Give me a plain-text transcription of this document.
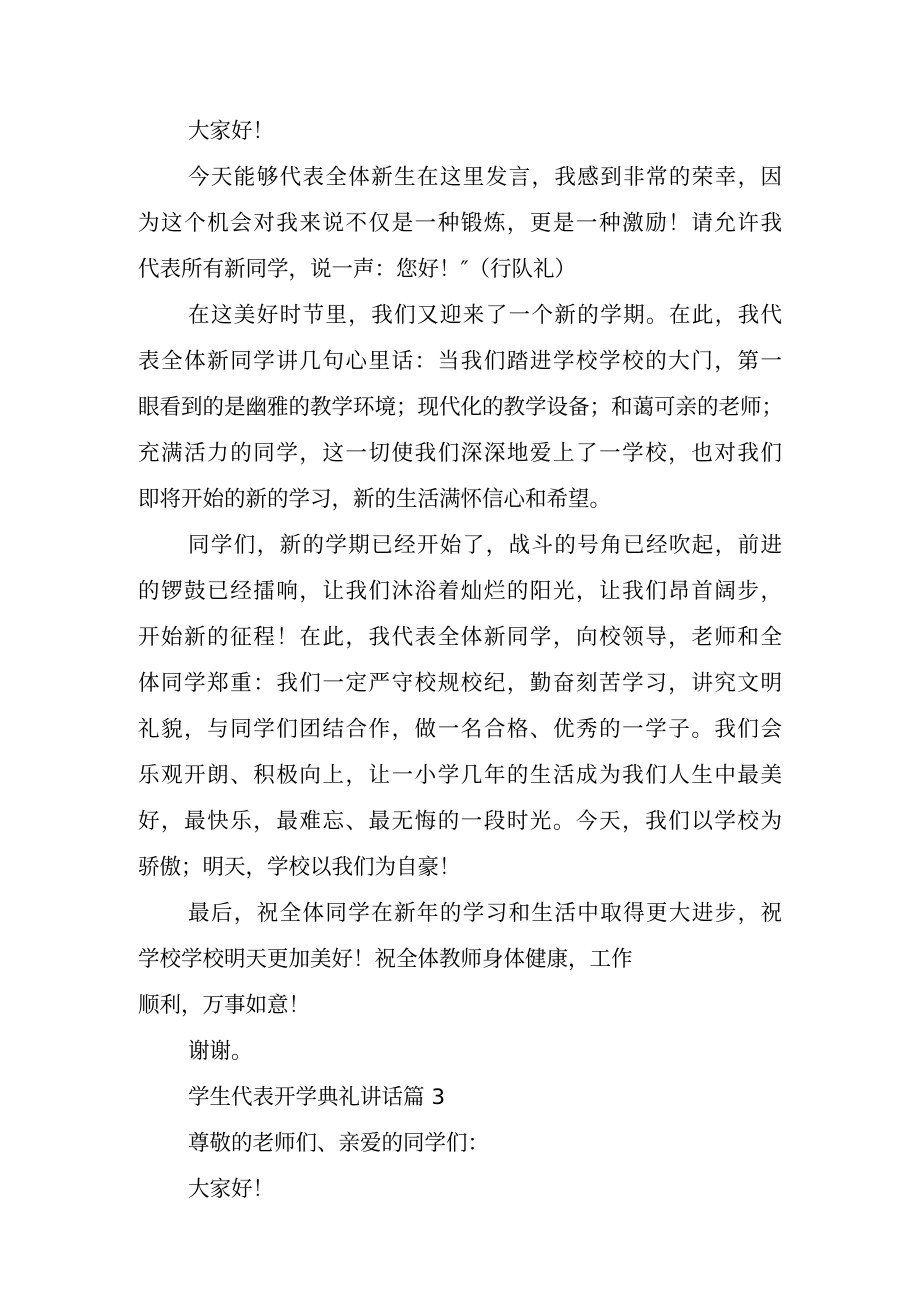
大家好！
今天能够代表全体新生在这里发言，我感到非常的荣幸，因
为这个机会对我来说不仅是一种锻炼，更是一种激励！请允许我
代表所有新同学，说一声：您好！″（行队礼）
在这美好时节里，我们又迎来了一个新的学期。在此，我代
表全体新同学讲几句心里话：当我们踏进学校学校的大门，第一
眼看到的是幽雅的教学环境；现代化的教学设备；和蔼可亲的老师；
充满活力的同学，这一切使我们深深地爱上了一学校，也对我们
即将开始的新的学习，新的生活满怀信心和希望。
同学们，新的学期已经开始了，战斗的号角已经吹起，前进
的锣鼓已经擂响，让我们沐浴着灿烂的阳光，让我们昂首阔步，
开始新的征程！在此，我代表全体新同学，向校领导，老师和全
体同学郑重：我们一定严守校规校纪，勤奋刻苦学习，讲究文明
礼貌，与同学们团结合作，做一名合格、优秀的一学子。我们会
乐观开朗、积极向上，让一小学几年的生活成为我们人生中最美
好，最快乐，最难忘、最无悔的一段时光。今天，我们以学校为
骄傲；明天，学校以我们为自豪！
最后，祝全体同学在新年的学习和生活中取得更大进步，祝
学校学校明天更加美好！祝全体教师身体健康，工作
顺利，万事如意！
谢谢。
学生代表开学典礼讲话篇 3
尊敬的老师们、亲爱的同学们：
大家好！
